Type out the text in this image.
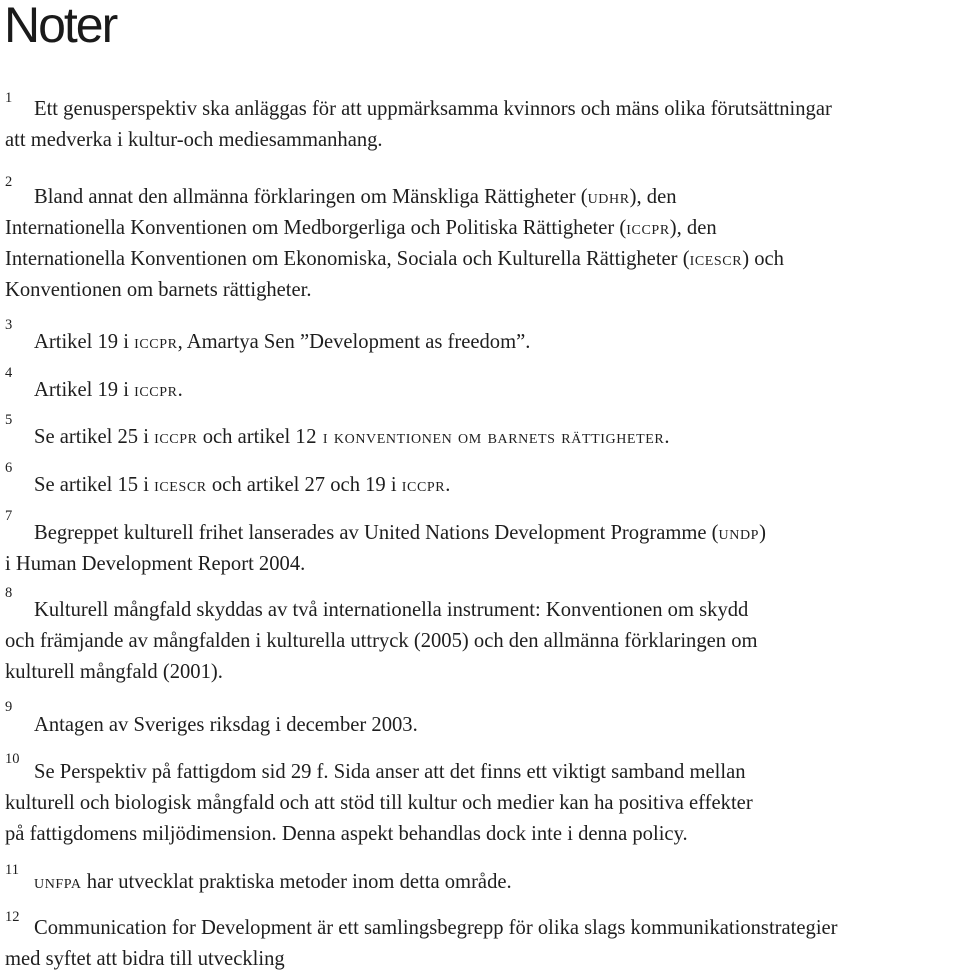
Noter

1 Ett genusperspektiv ska anläggas för att uppmärksamma kvinnors och mäns olika förutsättningar
att medverka i kultur-och mediesammanhang.

2
Bland annat den allmänna förklaringen om Mänskliga Rättigheter (udhr), den
Internationella Konventionen om Medborgerliga och Politiska Rättigheter (iccpr), den
Internationella Konventionen om Ekonomiska, Sociala och Kulturella Rättigheter (icescr) och
Konventionen om barnets rättigheter.

3
Artikel 19 i iccpr, Amartya Sen ”Development as freedom”.

4
Artikel 19 i iccpr.

5
Se artikel 25 i iccpr och artikel 12 i konventionen om barnets rättigheter.

6
Se artikel 15 i icescr och artikel 27 och 19 i iccpr.

7
Begreppet kulturell frihet lanserades av United Nations Development Programme (undp)
i Human Development Report 2004.

8
Kulturell mångfald skyddas av två internationella instrument: Konventionen om skydd
och främjande av mångfalden i kulturella uttryck (2005) och den allmänna förklaringen om
kulturell mångfald (2001).

9
Antagen av Sveriges riksdag i december 2003.

10
Se Perspektiv på fattigdom sid 29 f. Sida anser att det finns ett viktigt samband mellan
kulturell och biologisk mångfald och att stöd till kultur och medier kan ha positiva effekter
på fattigdomens miljödimension. Denna aspekt behandlas dock inte i denna policy.

11
unfpa har utvecklat praktiska metoder inom detta område.

12 Communication for Development är ett samlingsbegrepp för olika slags kommunikationstrategier
med syftet att bidra till utveckling
